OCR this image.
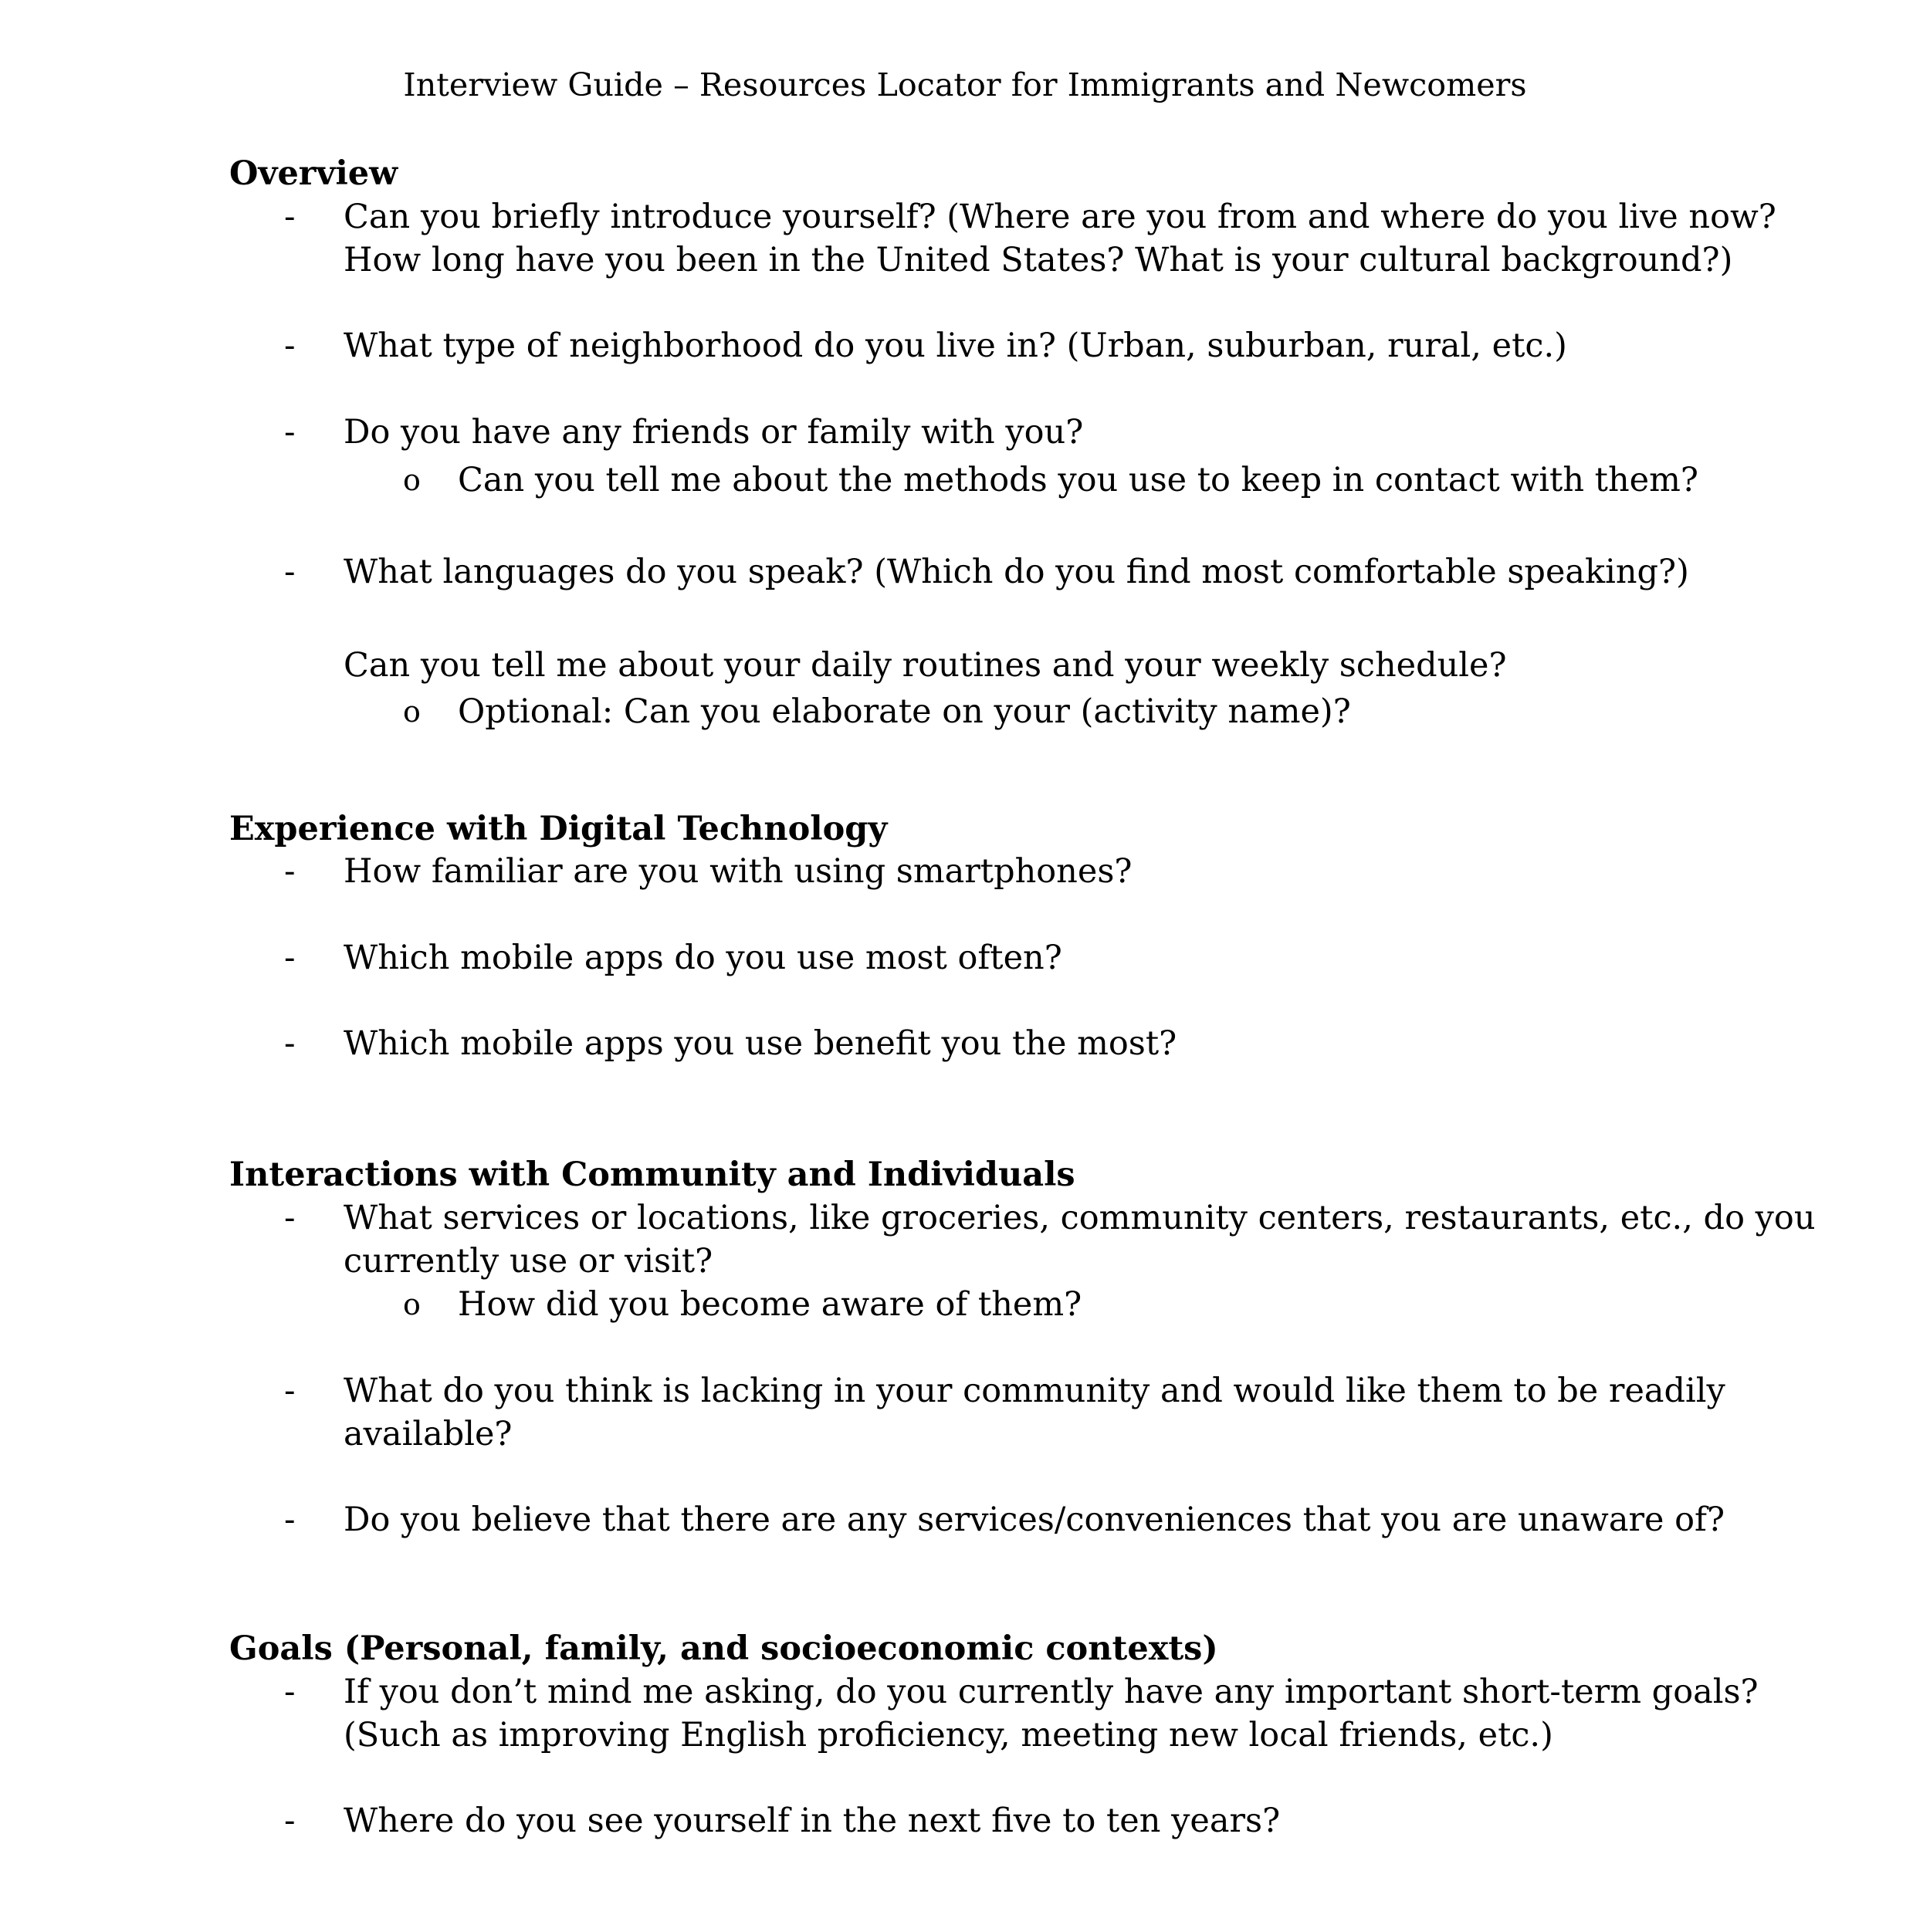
Interview Guide – Resources Locator for Immigrants and Newcomers
Overview
- Can you briefly introduce yourself? (Where are you from and where do you live now?
How long have you been in the United States? What is your cultural background?)
- What type of neighborhood do you live in? (Urban, suburban, rural, etc.)
- Do you have any friends or family with you?
o Can you tell me about the methods you use to keep in contact with them?
- What languages do you speak? (Which do you find most comfortable speaking?)
Can you tell me about your daily routines and your weekly schedule?
o Optional: Can you elaborate on your (activity name)?
Experience with Digital Technology
- How familiar are you with using smartphones?
- Which mobile apps do you use most often?
- Which mobile apps you use benefit you the most?
Interactions with Community and Individuals
- What services or locations, like groceries, community centers, restaurants, etc., do you
currently use or visit?
o How did you become aware of them?
- What do you think is lacking in your community and would like them to be readily
available?
- Do you believe that there are any services/conveniences that you are unaware of?
Goals (Personal, family, and socioeconomic contexts)
- If you don’t mind me asking, do you currently have any important short-term goals?
(Such as improving English proficiency, meeting new local friends, etc.)
- Where do you see yourself in the next five to ten years?
